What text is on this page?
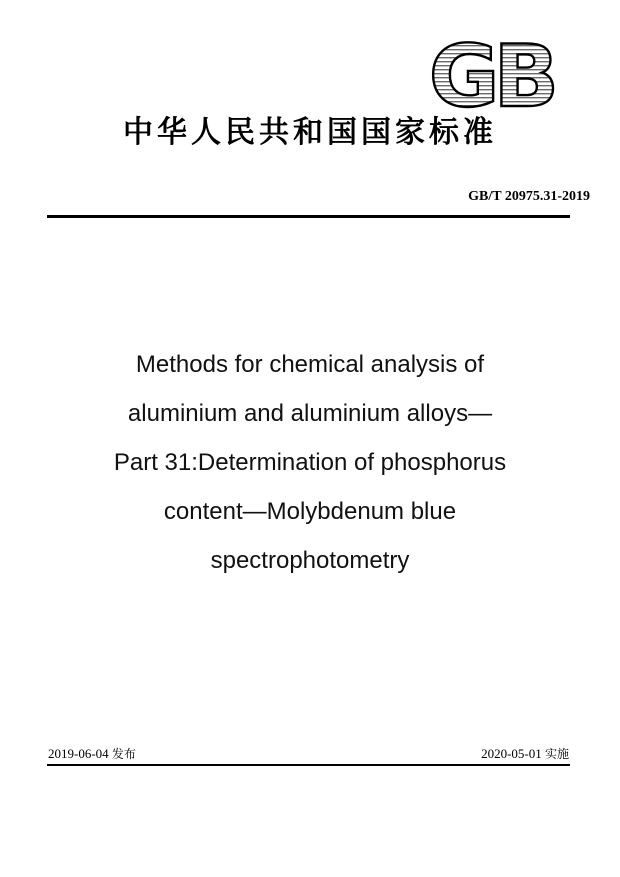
GB
中华人民共和国国家标准
GB/T 20975.31-2019
Methods for chemical analysis of
aluminium and aluminium alloys—
Part 31:Determination of phosphorus
content—Molybdenum blue
spectrophotometry
2019-06-04 发布	2020-05-01 实施
